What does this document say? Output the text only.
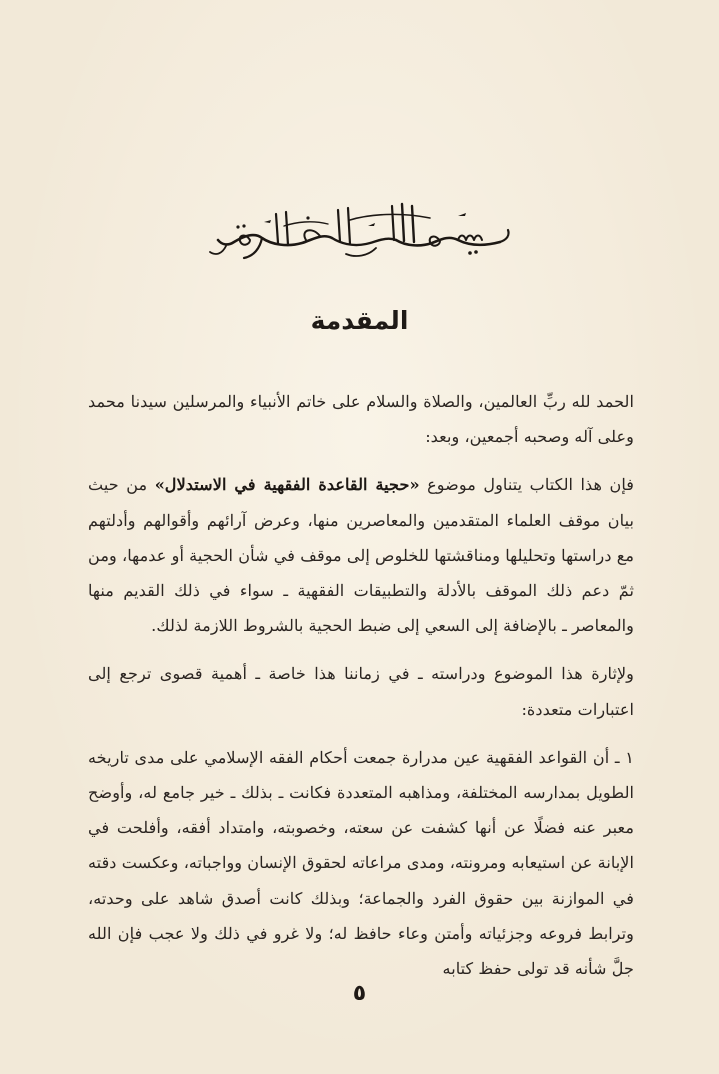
المقدمة

الحمد لله ربِّ العالمين، والصلاة والسلام على خاتم الأنبياء والمرسلين سيدنا محمد وعلى آله وصحبه أجمعين، وبعد:

فإن هذا الكتاب يتناول موضوع «حجية القاعدة الفقهية في الاستدلال» من حيث بيان موقف العلماء المتقدمين والمعاصرين منها، وعرض آرائهم وأقوالهم وأدلتهم مع دراستها وتحليلها ومناقشتها للخلوص إلى موقف في شأن الحجية أو عدمها، ومن ثمّ دعم ذلك الموقف بالأدلة والتطبيقات الفقهية ـ سواء في ذلك القديم منها والمعاصر ـ بالإضافة إلى السعي إلى ضبط الحجية بالشروط اللازمة لذلك.

ولإثارة هذا الموضوع ودراسته ـ في زماننا هذا خاصة ـ أهمية قصوى ترجع إلى اعتبارات متعددة:

١ ـ أن القواعد الفقهية عين مدرارة جمعت أحكام الفقه الإسلامي على مدى تاريخه الطويل بمدارسه المختلفة، ومذاهبه المتعددة فكانت ـ بذلك ـ خير جامع له، وأوضح معبر عنه فضلًا عن أنها كشفت عن سعته، وخصوبته، وامتداد أفقه، وأفلحت في الإبانة عن استيعابه ومرونته، ومدى مراعاته لحقوق الإنسان وواجباته، وعكست دقته في الموازنة بين حقوق الفرد والجماعة؛ وبذلك كانت أصدق شاهد على وحدته، وترابط فروعه وجزئياته وأمتن وعاء حافظ له؛ ولا غرو في ذلك ولا عجب فإن الله جلَّ شأنه قد تولى حفظ كتابه

٥
